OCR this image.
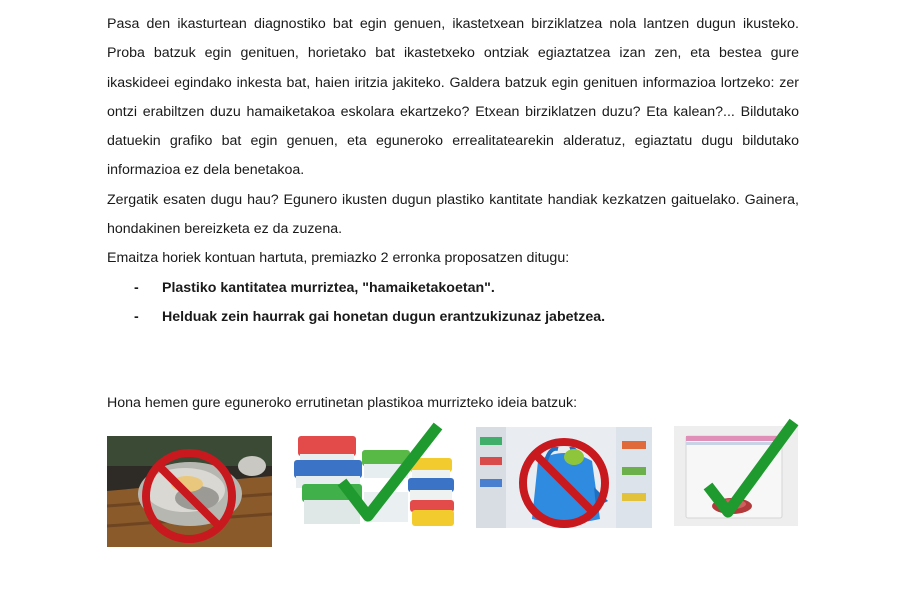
Pasa den ikasturtean diagnostiko bat egin genuen, ikastetxean birziklatzea nola lantzen dugun ikusteko. Proba batzuk egin genituen, horietako bat ikastetxeko ontziak egiaztatzea izan zen, eta bestea gure ikaskideei egindako inkesta bat, haien iritzia jakiteko. Galdera batzuk egin genituen informazioa lortzeko: zer ontzi erabiltzen duzu hamaiketakoa eskolara ekartzeko? Etxean birziklatzen duzu? Eta kalean?... Bildutako datuekin grafiko bat egin genuen, eta eguneroko errealitatearekin alderatuz, egiaztatu dugu bildutako informazioa ez dela benetakoa.

Zergatik esaten dugu hau? Egunero ikusten dugun plastiko kantitate handiak kezkatzen gaituelako. Gainera, hondakinen bereizketa ez da zuzena.

Emaitza horiek kontuan hartuta, premiazko 2 erronka proposatzen ditugu:

- Plastiko kantitatea murriztea, "hamaiketakoetan".
- Helduak zein haurrak gai honetan dugun erantzukizunaz jabetzea.
Hona hemen gure eguneroko errutinetan plastikoa murrizteko ideia batzuk:
